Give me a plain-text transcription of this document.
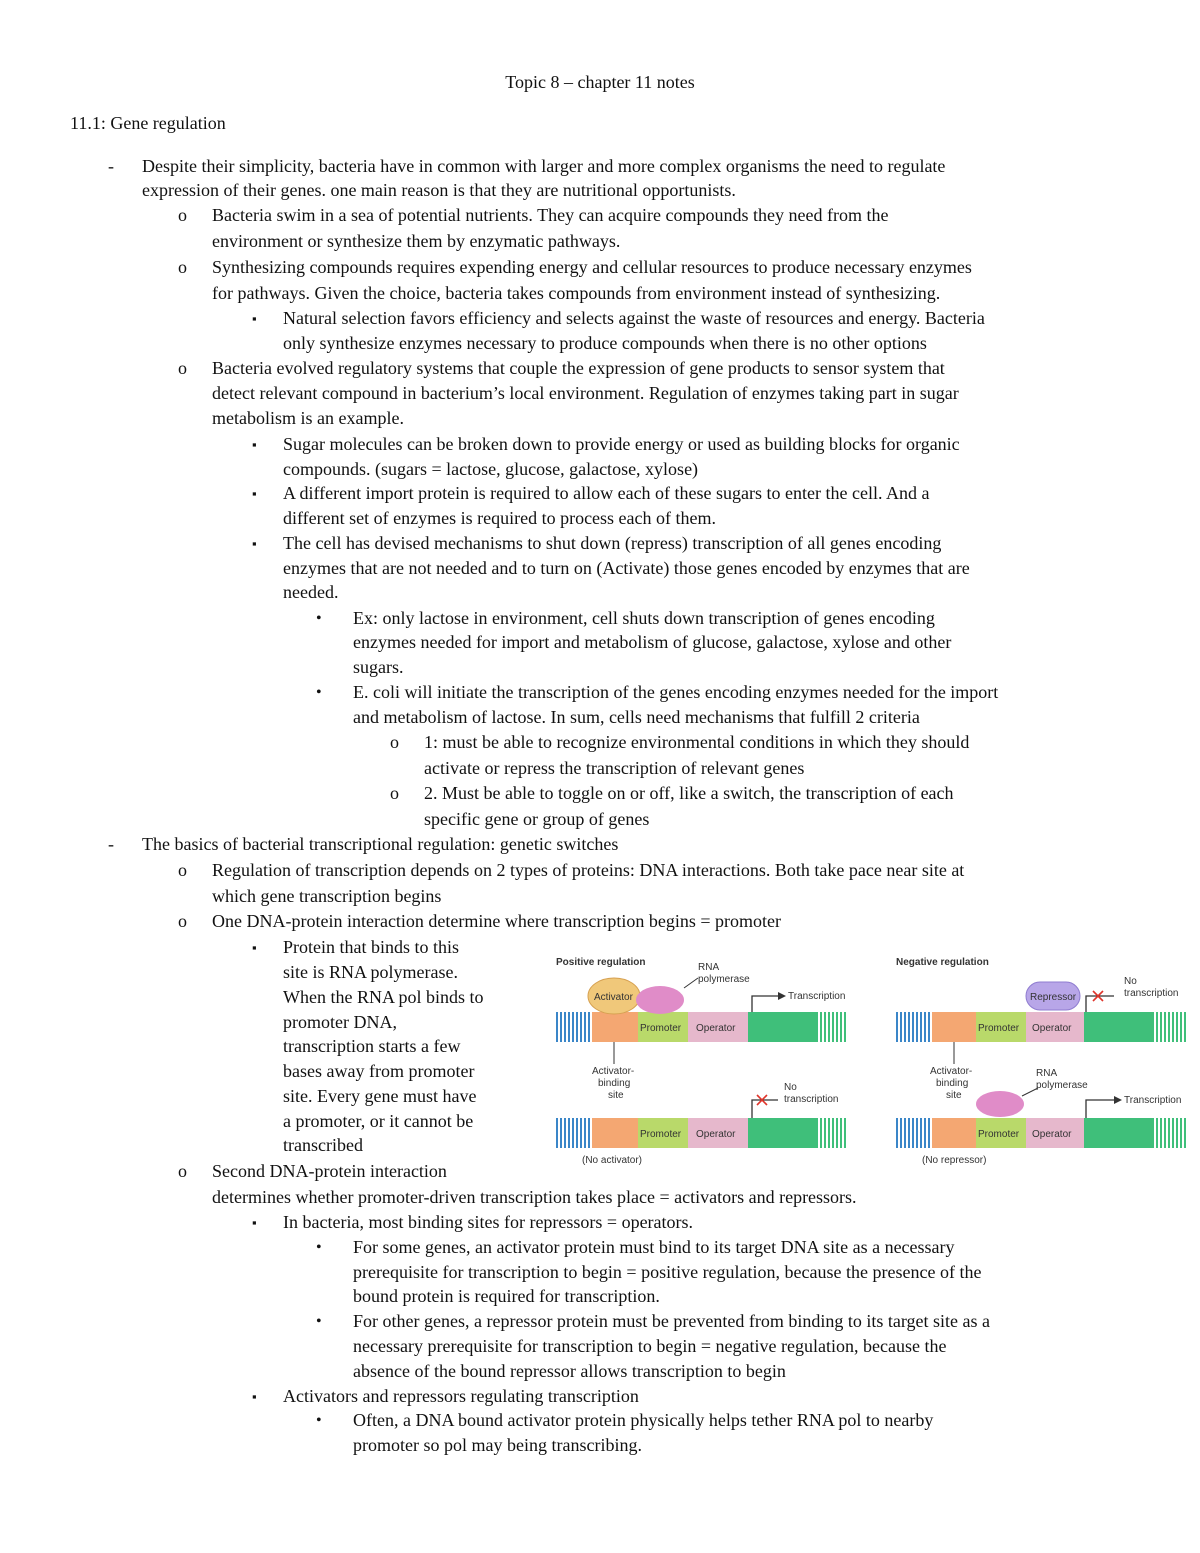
Topic 8 – chapter 11 notes
11.1: Gene regulation
- Despite their simplicity, bacteria have in common with larger and more complex organisms the need to regulate
expression of their genes. one main reason is that they are nutritional opportunists.
o Bacteria swim in a sea of potential nutrients. They can acquire compounds they need from the
environment or synthesize them by enzymatic pathways.
o Synthesizing compounds requires expending energy and cellular resources to produce necessary enzymes
for pathways. Given the choice, bacteria takes compounds from environment instead of synthesizing.
▪ Natural selection favors efficiency and selects against the waste of resources and energy. Bacteria
only synthesize enzymes necessary to produce compounds when there is no other options
o Bacteria evolved regulatory systems that couple the expression of gene products to sensor system that
detect relevant compound in bacterium’s local environment. Regulation of enzymes taking part in sugar
metabolism is an example.
▪ Sugar molecules can be broken down to provide energy or used as building blocks for organic
compounds. (sugars = lactose, glucose, galactose, xylose)
▪ A different import protein is required to allow each of these sugars to enter the cell. And a
different set of enzymes is required to process each of them.
▪ The cell has devised mechanisms to shut down (repress) transcription of all genes encoding
enzymes that are not needed and to turn on (Activate) those genes encoded by enzymes that are
needed.
• Ex: only lactose in environment, cell shuts down transcription of genes encoding
enzymes needed for import and metabolism of glucose, galactose, xylose and other
sugars.
• E. coli will initiate the transcription of the genes encoding enzymes needed for the import
and metabolism of lactose. In sum, cells need mechanisms that fulfill 2 criteria
o 1: must be able to recognize environmental conditions in which they should
activate or repress the transcription of relevant genes
o 2. Must be able to toggle on or off, like a switch, the transcription of each
specific gene or group of genes
- The basics of bacterial transcriptional regulation: genetic switches
o Regulation of transcription depends on 2 types of proteins: DNA interactions. Both take pace near site at
which gene transcription begins
o One DNA-protein interaction determine where transcription begins = promoter
▪ Protein that binds to this
site is RNA polymerase.
When the RNA pol binds to
promoter DNA,
transcription starts a few
bases away from promoter
site. Every gene must have
a promoter, or it cannot be
transcribed
o Second DNA-protein interaction
determines whether promoter-driven transcription takes place = activators and repressors.
▪ In bacteria, most binding sites for repressors = operators.
• For some genes, an activator protein must bind to its target DNA site as a necessary
prerequisite for transcription to begin = positive regulation, because the presence of the
bound protein is required for transcription.
• For other genes, a repressor protein must be prevented from binding to its target site as a
necessary prerequisite for transcription to begin = negative regulation, because the
absence of the bound repressor allows transcription to begin
▪ Activators and repressors regulating transcription
• Often, a DNA bound activator protein physically helps tether RNA pol to nearby
promoter so pol may being transcribing.
Positive regulation
Promoter Operator
Activator
RNA
polymerase
Transcription
Activator-
binding
site
Promoter Operator
No
transcription
(No activator)
Negative regulation
Promoter Operator
Repressor
No
transcription
Activator-
binding
site
Promoter Operator
RNA
polymerase
Transcription
(No repressor)
